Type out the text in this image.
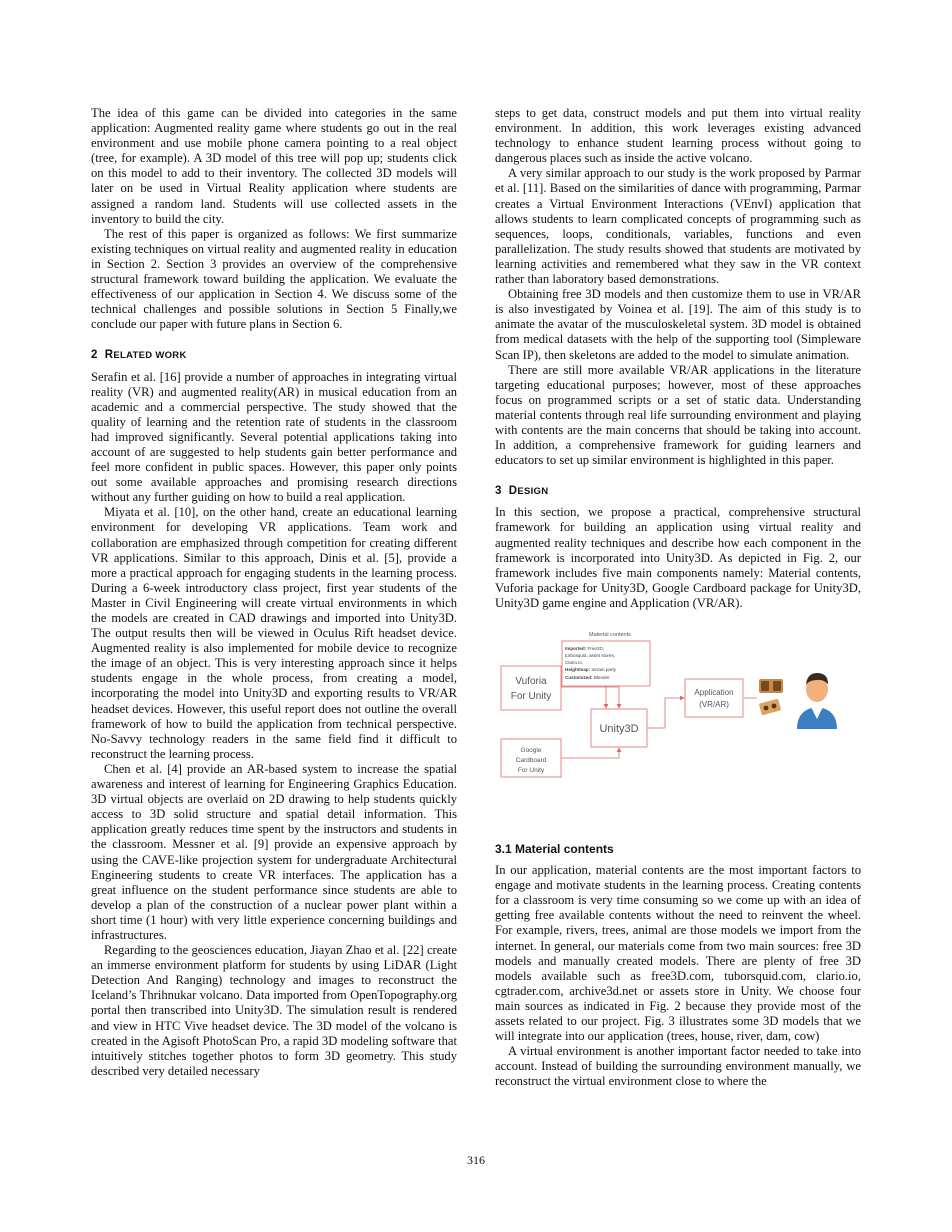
The idea of this game can be divided into categories in the same application: Augmented reality game where students go out in the real environment and use mobile phone camera pointing to a real object (tree, for example). A 3D model of this tree will pop up; students click on this model to add to their inventory. The collected 3D models will later on be used in Virtual Reality application where students are assigned a random land. Students will use collected assets in the inventory to build the city.

The rest of this paper is organized as follows: We first summarize existing techniques on virtual reality and augmented reality in education in Section 2. Section 3 provides an overview of the comprehensive structural framework toward building the application. We evaluate the effectiveness of our application in Section 4. We discuss some of the technical challenges and possible solutions in Section 5 Finally,we conclude our paper with future plans in Section 6.

2 RELATED WORK

Serafin et al. [16] provide a number of approaches in integrating virtual reality (VR) and augmented reality(AR) in musical education from an academic and a commercial perspective. The study showed that the quality of learning and the retention rate of students in the classroom had improved significantly. Several potential applications taking into account of are suggested to help students gain better performance and feel more confident in public spaces. However, this paper only points out some available approaches and promising research directions without any further guiding on how to build a real application.

Miyata et al. [10], on the other hand, create an educational learning environment for developing VR applications. Team work and collaboration are emphasized through competition for creating different VR applications. Similar to this approach, Dinis et al. [5], provide a more a practical approach for engaging students in the learning process. During a 6-week introductory class project, first year students of the Master in Civil Engineering will create virtual environments in which the models are created in CAD drawings and imported into Unity3D. The output results then will be viewed in Oculus Rift headset device. Augmented reality is also implemented for mobile device to recognize the image of an object. This is very interesting approach since it helps students engage in the whole process, from creating a model, incorporating the model into Unity3D and exporting results to VR/AR headset devices. However, this useful report does not outline the overall framework of how to build the application from technical perspective. No-Savvy technology readers in the same field find it difficult to reconstruct the learning process.

Chen et al. [4] provide an AR-based system to increase the spatial awareness and interest of learning for Engineering Graphics Education. 3D virtual objects are overlaid on 2D drawing to help students quickly access to 3D solid structure and spatial detail information. This application greatly reduces time spent by the instructors and students in the classroom. Messner et al. [9] provide an expensive approach by using the CAVE-like projection system for undergraduate Architectural Engineering students to create VR interfaces. The application has a great influence on the student performance since students are able to develop a plan of the construction of a nuclear power plant within a short time (1 hour) with very little experience concerning buildings and infrastructures.

Regarding to the geosciences education, Jiayan Zhao et al. [22] create an immerse environment platform for students by using LiDAR (Light Detection And Ranging) technology and images to reconstruct the Iceland’s Thrihnukar volcano. Data imported from OpenTopography.org portal then transcribed into Unity3D. The simulation result is rendered and view in HTC Vive headset device. The 3D model of the volcano is created in the Agisoft PhotoScan Pro, a rapid 3D modeling software that intuitively stitches together photos to form 3D geometry. This study described very detailed necessary

steps to get data, construct models and put them into virtual reality environment. In addition, this work leverages existing advanced technology to enhance student learning process without going to dangerous places such as inside the active volcano.

A very similar approach to our study is the work proposed by Parmar et al. [11]. Based on the similarities of dance with programming, Parmar creates a Virtual Environment Interactions (VEnvI) application that allows students to learn complicated concepts of programming such as sequences, loops, conditionals, variables, functions and even parallelization. The study results showed that students are motivated by learning activities and remembered what they saw in the VR context rather than laboratory based demonstrations.

Obtaining free 3D models and then customize them to use in VR/AR is also investigated by Voinea et al. [19]. The aim of this study is to animate the avatar of the musculoskeletal system. 3D model is obtained from medical datasets with the help of the supporting tool (Simpleware Scan IP), then skeletons are added to the model to simulate animation.

There are still more available VR/AR applications in the literature targeting educational purposes; however, most of these approaches focus on programmed scripts or a set of static data. Understanding material contents through real life surrounding environment and playing with contents are the main concerns that should be taking into account. In addition, a comprehensive framework for guiding learners and educators to set up similar environment is highlighted in this paper.

3 DESIGN

In this section, we propose a practical, comprehensive structural framework for building an application using virtual reality and augmented reality techniques and describe how each component in the framework is incorporated into Unity3D. As depicted in Fig. 2, our framework includes five main components namely: Material contents, Vuforia package for Unity3D, Google Cardboard package for Unity3D, Unity3D game engine and Application (VR/AR).

Material contents
Imported: Free3D,
turbosquid, asset stores,
Clario.io,
Heightmap: terrain.party
Customized: Blender
Vuforia
For Unity
Google
Cardboard
For Unity
Unity3D
Application
(VR/AR)
3.1 Material contents

In our application, material contents are the most important factors to engage and motivate students in the learning process. Creating contents for a classroom is very time consuming so we come up with an idea of getting free available contents without the need to reinvent the wheel. For example, rivers, trees, animal are those models we import from the internet. In general, our materials come from two main sources: free 3D models and manually created models. There are plenty of free 3D models available such as free3D.com, tuborsquid.com, clario.io, cgtrader.com, archive3d.net or assets store in Unity. We choose four main sources as indicated in Fig. 2 because they provide most of the assets related to our project. Fig. 3 illustrates some 3D models that we will integrate into our application (trees, house, river, dam, cow)

A virtual environment is another important factor needed to take into account. Instead of building the surrounding environment manually, we reconstruct the virtual environment close to where the

316
